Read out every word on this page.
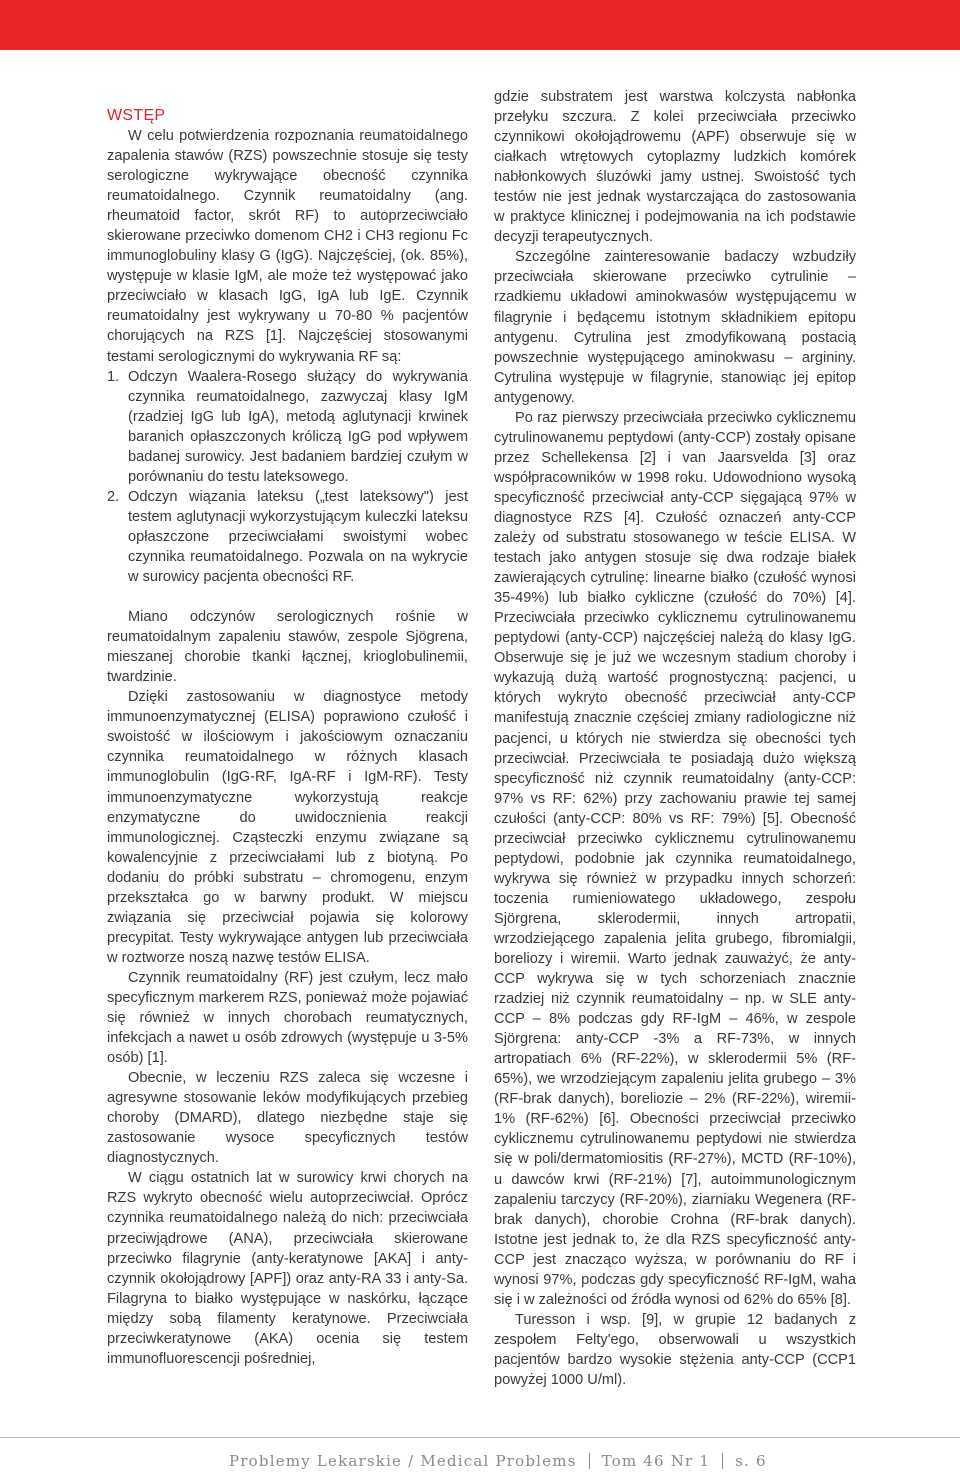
WSTĘP

W celu potwierdzenia rozpoznania reumatoidalnego zapalenia stawów (RZS) powszechnie stosuje się testy serologiczne wykrywające obecność czynnika reumatoidalnego. Czynnik reumatoidalny (ang. rheumatoid factor, skrót RF) to autoprzeciwciało skierowane przeciwko domenom CH2 i CH3 regionu Fc immunoglobuliny klasy G (IgG). Najczęściej, (ok. 85%), występuje w klasie IgM, ale może też występować jako przeciwciało w klasach IgG, IgA lub IgE. Czynnik reumatoidalny jest wykrywany u 70-80 % pacjentów chorujących na RZS [1]. Najczęściej stosowanymi testami serologicznymi do wykrywania RF są:

1. Odczyn Waalera-Rosego służący do wykrywania czynnika reumatoidalnego, zazwyczaj klasy IgM (rzadziej IgG lub IgA), metodą aglutynacji krwinek baranich opłaszczonych króliczą IgG pod wpływem badanej surowicy. Jest badaniem bardziej czułym w porównaniu do testu lateksowego.

2. Odczyn wiązania lateksu („test lateksowy") jest testem aglutynacji wykorzystującym kuleczki lateksu opłaszczone przeciwciałami swoistymi wobec czynnika reumatoidalnego. Pozwala on na wykrycie w surowicy pacjenta obecności RF.

Miano odczynów serologicznych rośnie w reumatoidalnym zapaleniu stawów, zespole Sjögrena, mieszanej chorobie tkanki łącznej, krioglobulinemii, twardzinie.

Dzięki zastosowaniu w diagnostyce metody immunoenzymatycznej (ELISA) poprawiono czułość i swoistość w ilościowym i jakościowym oznaczaniu czynnika reumatoidalnego w różnych klasach immunoglobulin (IgG-RF, IgA-RF i IgM-RF). Testy immunoenzymatyczne wykorzystują reakcje enzymatyczne do uwidocznienia reakcji immunologicznej. Cząsteczki enzymu związane są kowalencyjnie z przeciwciałami lub z biotyną. Po dodaniu do próbki substratu – chromogenu, enzym przekształca go w barwny produkt. W miejscu związania się przeciwciał pojawia się kolorowy precypitat. Testy wykrywające antygen lub przeciwciała w roztworze noszą nazwę testów ELISA.

Czynnik reumatoidalny (RF) jest czułym, lecz mało specyficznym markerem RZS, ponieważ może pojawiać się również w innych chorobach reumatycznych, infekcjach a nawet u osób zdrowych (występuje u 3-5% osób) [1].

Obecnie, w leczeniu RZS zaleca się wczesne i agresywne stosowanie leków modyfikujących przebieg choroby (DMARD), dlatego niezbędne staje się zastosowanie wysoce specyficznych testów diagnostycznych.

W ciągu ostatnich lat w surowicy krwi chorych na RZS wykryto obecność wielu autoprzeciwciał. Oprócz czynnika reumatoidalnego należą do nich: przeciwciała przeciwjądrowe (ANA), przeciwciała skierowane przeciwko filagrynie (anty-keratynowe [AKA] i anty-czynnik okołojądrowy [APF]) oraz anty-RA 33 i anty-Sa. Filagryna to białko występujące w naskórku, łączące między sobą filamenty keratynowe. Przeciwciała przeciwkeratynowe (AKA) ocenia się testem immunofluorescencji pośredniej,

gdzie substratem jest warstwa kolczysta nabłonka przełyku szczura. Z kolei przeciwciała przeciwko czynnikowi okołojądrowemu (APF) obserwuje się w ciałkach wtrętowych cytoplazmy ludzkich komórek nabłonkowych śluzówki jamy ustnej. Swoistość tych testów nie jest jednak wystarczająca do zastosowania w praktyce klinicznej i podejmowania na ich podstawie decyzji terapeutycznych.

Szczególne zainteresowanie badaczy wzbudziły przeciwciała skierowane przeciwko cytrulinie – rzadkiemu układowi aminokwasów występującemu w filagrynie i będącemu istotnym składnikiem epitopu antygenu. Cytrulina jest zmodyfikowaną postacią powszechnie występującego aminokwasu – argininy. Cytrulina występuje w filagrynie, stanowiąc jej epitop antygenowy.

Po raz pierwszy przeciwciała przeciwko cyklicznemu cytrulinowanemu peptydowi (anty-CCP) zostały opisane przez Schellekensa [2] i van Jaarsvelda [3] oraz współpracowników w 1998 roku. Udowodniono wysoką specyficzność przeciwciał anty-CCP sięgającą 97% w diagnostyce RZS [4]. Czułość oznaczeń anty-CCP zależy od substratu stosowanego w teście ELISA. W testach jako antygen stosuje się dwa rodzaje białek zawierających cytrulinę: linearne białko (czułość wynosi 35-49%) lub białko cykliczne (czułość do 70%) [4]. Przeciwciała przeciwko cyklicznemu cytrulinowanemu peptydowi (anty-CCP) najczęściej należą do klasy IgG. Obserwuje się je już we wczesnym stadium choroby i wykazują dużą wartość prognostyczną: pacjenci, u których wykryto obecność przeciwciał anty-CCP manifestują znacznie częściej zmiany radiologiczne niż pacjenci, u których nie stwierdza się obecności tych przeciwciał. Przeciwciała te posiadają dużo większą specyficzność niż czynnik reumatoidalny (anty-CCP: 97% vs RF: 62%) przy zachowaniu prawie tej samej czułości (anty-CCP: 80% vs RF: 79%) [5]. Obecność przeciwciał przeciwko cyklicznemu cytrulinowanemu peptydowi, podobnie jak czynnika reumatoidalnego, wykrywa się również w przypadku innych schorzeń: toczenia rumieniowatego układowego, zespołu Sjörgrena, sklerodermii, innych artropatii, wrzodziejącego zapalenia jelita grubego, fibromialgii, boreliozy i wiremii. Warto jednak zauważyć, że anty-CCP wykrywa się w tych schorzeniach znacznie rzadziej niż czynnik reumatoidalny – np. w SLE anty-CCP – 8% podczas gdy RF-IgM – 46%, w zespole Sjörgrena: anty-CCP -3% a RF-73%, w innych artropatiach 6% (RF-22%), w sklerodermii 5% (RF-65%), we wrzodziejącym zapaleniu jelita grubego – 3% (RF-brak danych), boreliozie – 2% (RF-22%), wiremii-1% (RF-62%) [6]. Obecności przeciwciał przeciwko cyklicznemu cytrulinowanemu peptydowi nie stwierdza się w poli/dermatomiositis (RF-27%), MCTD (RF-10%), u dawców krwi (RF-21%) [7], autoimmunologicznym zapaleniu tarczycy (RF-20%), ziarniaku Wegenera (RF-brak danych), chorobie Crohna (RF-brak danych). Istotne jest jednak to, że dla RZS specyficzność anty-CCP jest znacząco wyższa, w porównaniu do RF i wynosi 97%, podczas gdy specyficzność RF-IgM, waha się i w zależności od źródła wynosi od 62% do 65% [8].

Turesson i wsp. [9], w grupie 12 badanych z zespołem Felty'ego, obserwowali u wszystkich pacjentów bardzo wysokie stężenia anty-CCP (CCP1 powyżej 1000 U/ml).

Problemy Lekarskie / Medical Problems Tom 46 Nr 1 s. 6
